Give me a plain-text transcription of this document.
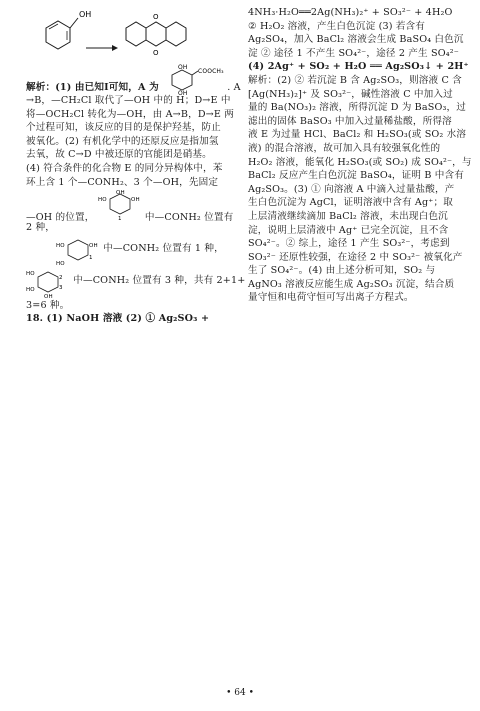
OH	O
O
解析：(1) 由已知Ⅰ可知，A 为
COOCH₃
OH
OH
. A
→B，—CH₂Cl 取代了—OH 中的 H；D→E 中
将—OCH₂Cl 转化为—OH，由 A→B，D→E 两
个过程可知，该反应的目的是保护羟基，防止
被氧化。(2) 有机化学中的还原反应是指加氢
去氧，故 C→D 中被还原的官能团是硝基。
(4) 符合条件的化合物 E 的同分异构体中，苯
环上含 1 个—CONH₂、3 个—OH，先固定
—OH 的位置，
HO	OH
OH
1 中—CONH₂ 位置有
2 种，
HO	OH
HO
1
中—CONH₂ 位置有 1 种，
HO
HO
OH
2
3
中—CONH₂ 位置有 3 种，共有 2+1+
3=6 种。
18. (1) NaOH 溶液 (2) ① Ag₂SO₃ +
4NH₃·H₂O══2Ag(NH₃)₂⁺ + SO₃²⁻ + 4H₂O
② H₂O₂ 溶液，产生白色沉淀 (3) 若含有
Ag₂SO₄，加入 BaCl₂ 溶液会生成 BaSO₄ 白色沉
淀 ② 途径 1 不产生 SO₄²⁻，途径 2 产生 SO₄²⁻
(4) 2Ag⁺ + SO₂ + H₂O ══ Ag₂SO₃↓ + 2H⁺
解析：(2) ② 若沉淀 B 含 Ag₂SO₃，则溶液 C 含
[Ag(NH₃)₂]⁺ 及 SO₃²⁻，碱性溶液 C 中加入过
量的 Ba(NO₃)₂ 溶液，所得沉淀 D 为 BaSO₃，过
滤出的固体 BaSO₃ 中加入过量稀盐酸，所得溶
液 E 为过量 HCl、BaCl₂ 和 H₂SO₃(或 SO₂ 水溶
液) 的混合溶液，故可加入具有较强氧化性的
H₂O₂ 溶液，能氧化 H₂SO₃(或 SO₂) 成 SO₄²⁻，与
BaCl₂ 反应产生白色沉淀 BaSO₄，证明 B 中含有
Ag₂SO₃。(3) ① 向溶液 A 中滴入过量盐酸，产
生白色沉淀为 AgCl，证明溶液中含有 Ag⁺；取
上层清液继续滴加 BaCl₂ 溶液，未出现白色沉
淀，说明上层清液中 Ag⁺ 已完全沉淀，且不含
SO₄²⁻。② 综上，途径 1 产生 SO₃²⁻，考虑到
SO₃²⁻ 还原性较强，在途径 2 中 SO₃²⁻ 被氧化产
生了 SO₄²⁻。(4) 由上述分析可知，SO₂ 与
AgNO₃ 溶液反应能生成 Ag₂SO₃ 沉淀，结合质
量守恒和电荷守恒可写出离子方程式。
• 64 •
